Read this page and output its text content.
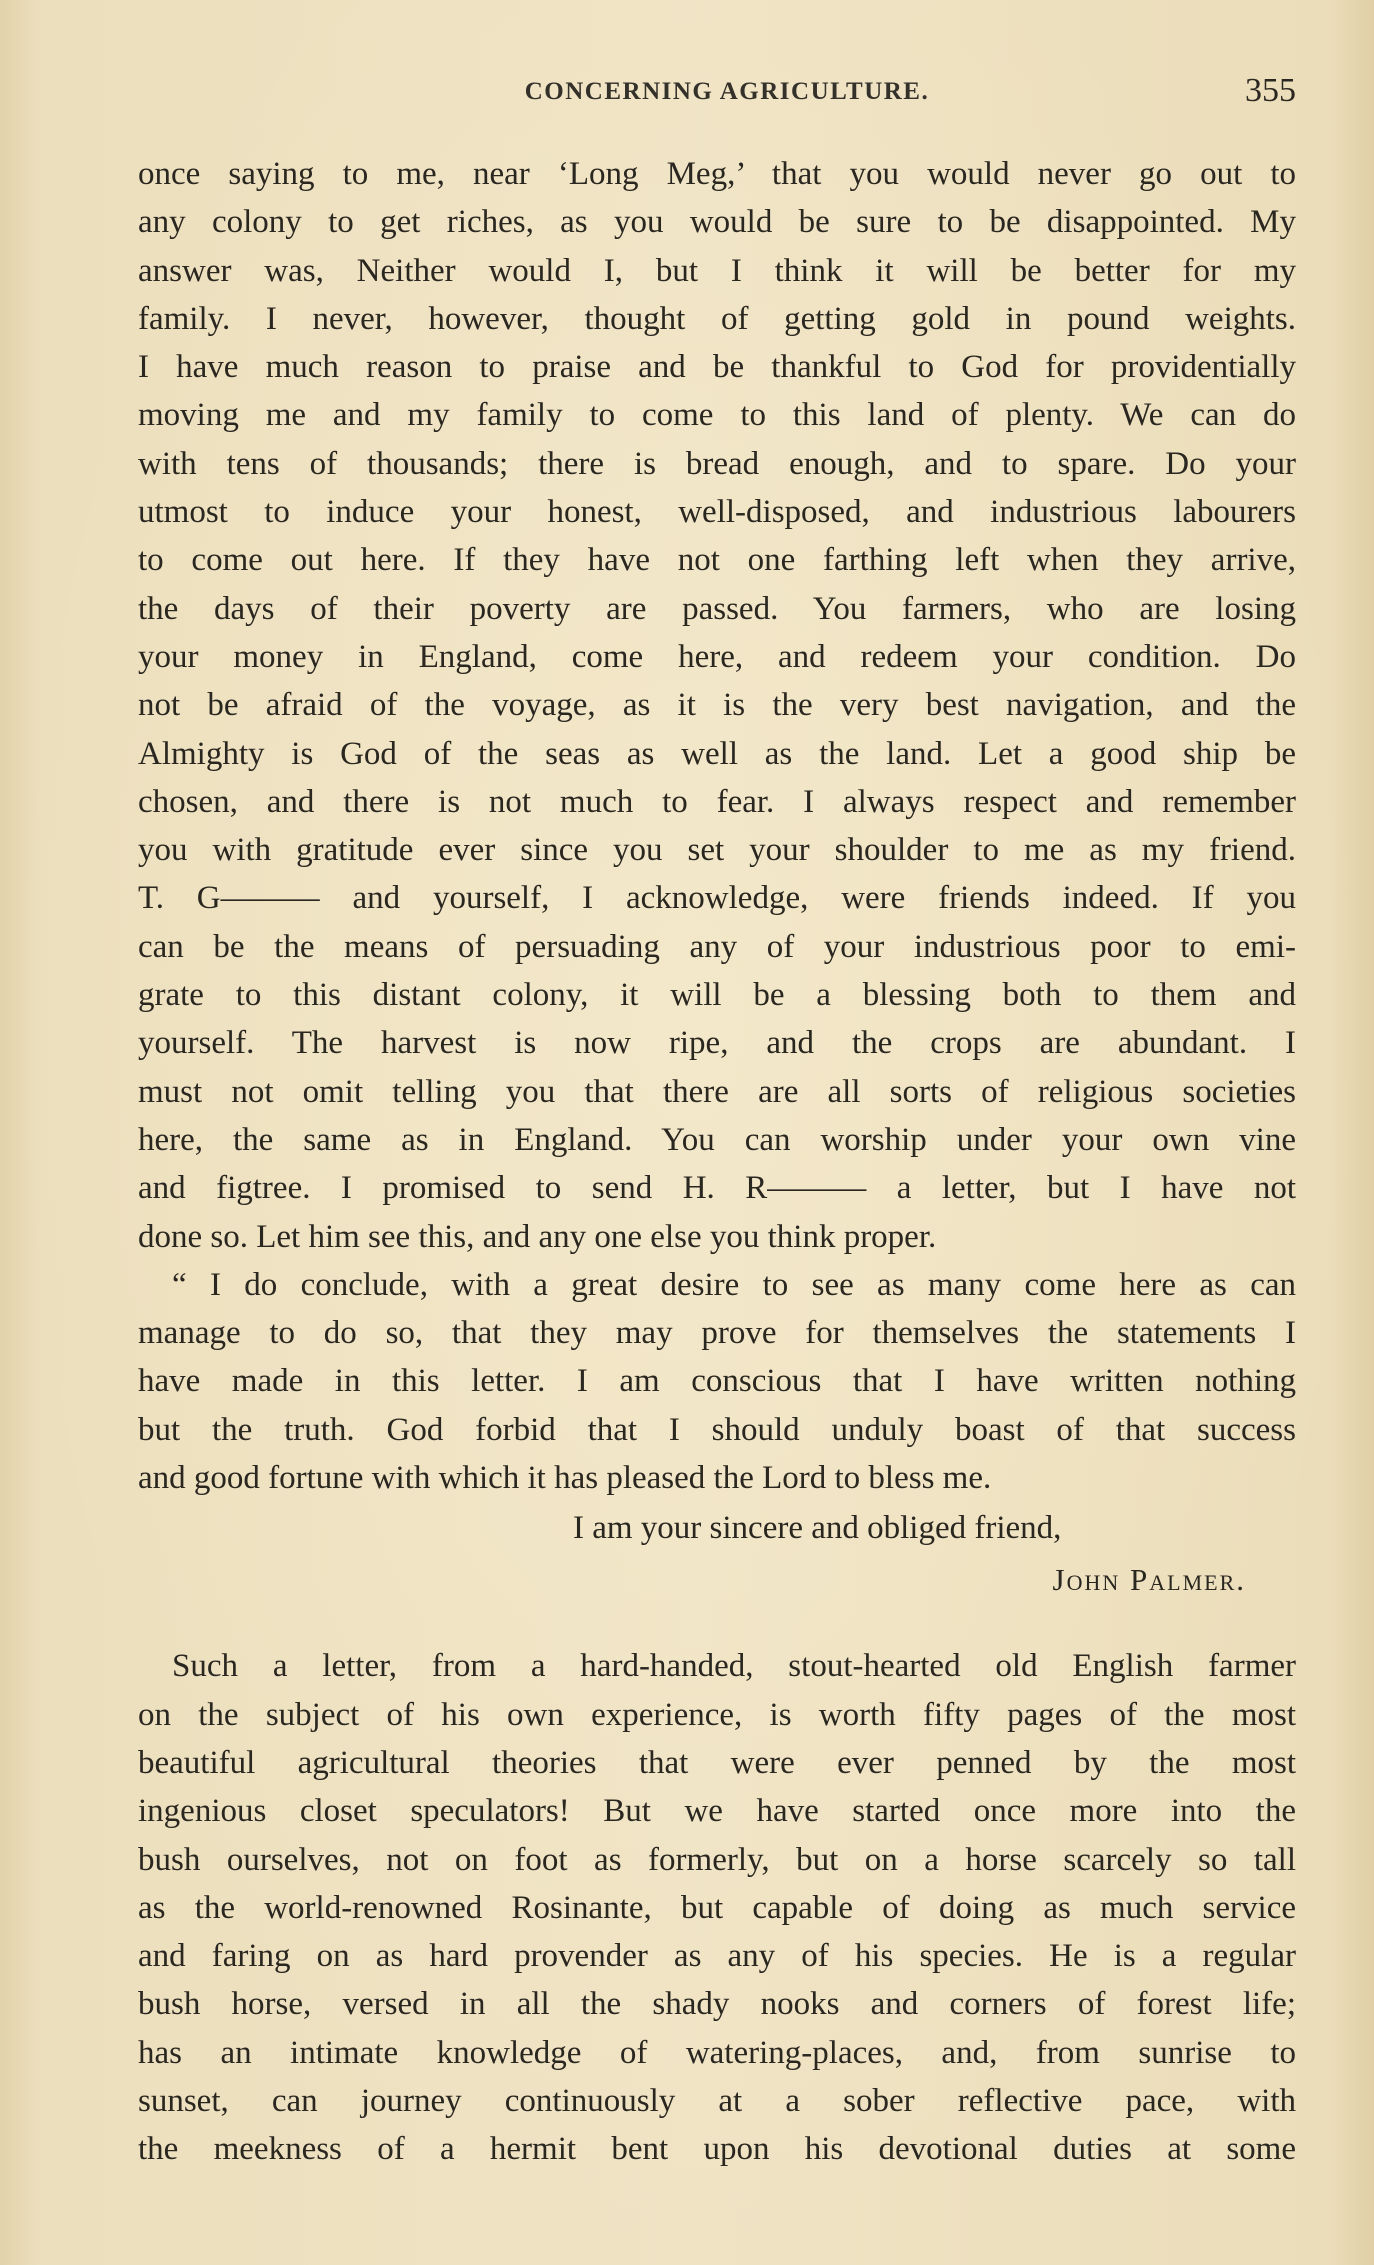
CONCERNING AGRICULTURE.	355
once saying to me, near ‘Long Meg,’ that you would never go out to
any colony to get riches, as you would be sure to be disappointed. My
answer was, Neither would I, but I think it will be better for my
family. I never, however, thought of getting gold in pound weights.
I have much reason to praise and be thankful to God for providentially
moving me and my family to come to this land of plenty. We can do
with tens of thousands; there is bread enough, and to spare. Do your
utmost to induce your honest, well-disposed, and industrious labourers
to come out here. If they have not one farthing left when they arrive,
the days of their poverty are passed. You farmers, who are losing
your money in England, come here, and redeem your condition. Do
not be afraid of the voyage, as it is the very best navigation, and the
Almighty is God of the seas as well as the land. Let a good ship be
chosen, and there is not much to fear. I always respect and remember
you with gratitude ever since you set your shoulder to me as my friend.
T. G——— and yourself, I acknowledge, were friends indeed. If you
can be the means of persuading any of your industrious poor to emi-
grate to this distant colony, it will be a blessing both to them and
yourself. The harvest is now ripe, and the crops are abundant. I
must not omit telling you that there are all sorts of religious societies
here, the same as in England. You can worship under your own vine
and figtree. I promised to send H. R——— a letter, but I have not
done so. Let him see this, and any one else you think proper.
“ I do conclude, with a great desire to see as many come here as can
manage to do so, that they may prove for themselves the statements I
have made in this letter. I am conscious that I have written nothing
but the truth. God forbid that I should unduly boast of that success
and good fortune with which it has pleased the Lord to bless me.
I am your sincere and obliged friend,
John Palmer.
Such a letter, from a hard-handed, stout-hearted old English farmer
on the subject of his own experience, is worth fifty pages of the most
beautiful agricultural theories that were ever penned by the most
ingenious closet speculators! But we have started once more into the
bush ourselves, not on foot as formerly, but on a horse scarcely so tall
as the world-renowned Rosinante, but capable of doing as much service
and faring on as hard provender as any of his species. He is a regular
bush horse, versed in all the shady nooks and corners of forest life;
has an intimate knowledge of watering-places, and, from sunrise to
sunset, can journey continuously at a sober reflective pace, with
the meekness of a hermit bent upon his devotional duties at some
